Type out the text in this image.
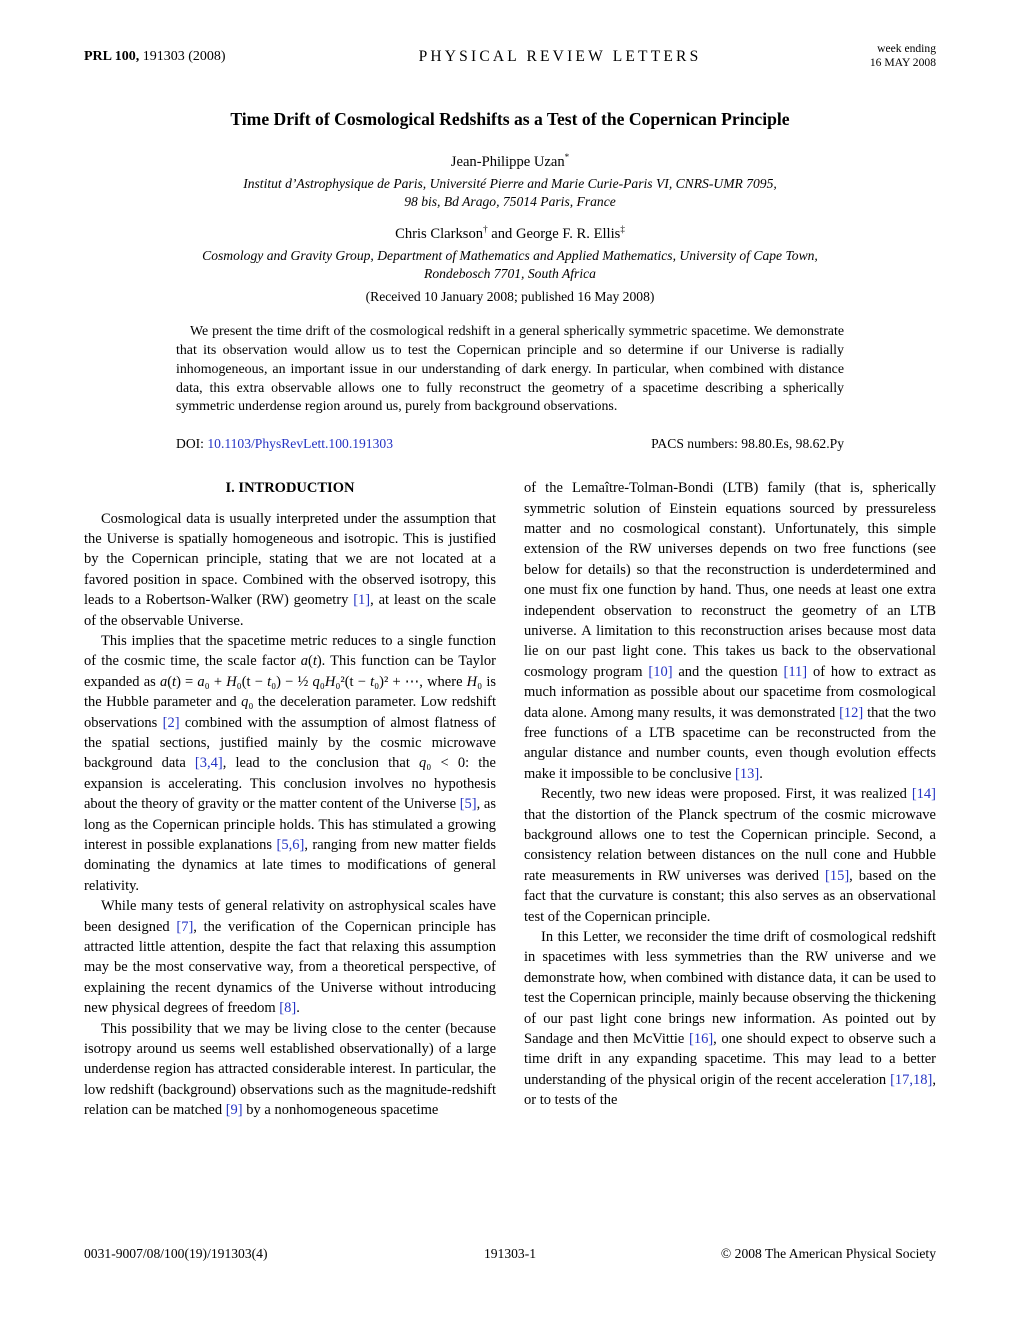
PRL 100, 191303 (2008)	PHYSICAL REVIEW LETTERS	week ending
16 MAY 2008
Time Drift of Cosmological Redshifts as a Test of the Copernican Principle
Jean-Philippe Uzan*
Institut d’Astrophysique de Paris, Université Pierre and Marie Curie-Paris VI, CNRS-UMR 7095,
98 bis, Bd Arago, 75014 Paris, France
Chris Clarkson† and George F. R. Ellis‡
Cosmology and Gravity Group, Department of Mathematics and Applied Mathematics, University of Cape Town,
Rondebosch 7701, South Africa
(Received 10 January 2008; published 16 May 2008)

We present the time drift of the cosmological redshift in a general spherically symmetric spacetime. We demonstrate that its observation would allow us to test the Copernican principle and so determine if our Universe is radially inhomogeneous, an important issue in our understanding of dark energy. In particular, when combined with distance data, this extra observable allows one to fully reconstruct the geometry of a spacetime describing a spherically symmetric underdense region around us, purely from background observations.

DOI: 10.1103/PhysRevLett.100.191303	PACS numbers: 98.80.Es, 98.62.Py
I. INTRODUCTION

Cosmological data is usually interpreted under the assumption that the Universe is spatially homogeneous and isotropic. This is justified by the Copernican principle, stating that we are not located at a favored position in space. Combined with the observed isotropy, this leads to a Robertson-Walker (RW) geometry [1], at least on the scale of the observable Universe.

This implies that the spacetime metric reduces to a single function of the cosmic time, the scale factor a(t). This function can be Taylor expanded as a(t) = a₀ + H₀(t − t₀) − ½ q₀H₀²(t − t₀)² + ⋯, where H₀ is the Hubble parameter and q₀ the deceleration parameter. Low redshift observations [2] combined with the assumption of almost flatness of the spatial sections, justified mainly by the cosmic microwave background data [3,4], lead to the conclusion that q₀ < 0: the expansion is accelerating. This conclusion involves no hypothesis about the theory of gravity or the matter content of the Universe [5], as long as the Copernican principle holds. This has stimulated a growing interest in possible explanations [5,6], ranging from new matter fields dominating the dynamics at late times to modifications of general relativity.

While many tests of general relativity on astrophysical scales have been designed [7], the verification of the Copernican principle has attracted little attention, despite the fact that relaxing this assumption may be the most conservative way, from a theoretical perspective, of explaining the recent dynamics of the Universe without introducing new physical degrees of freedom [8].

This possibility that we may be living close to the center (because isotropy around us seems well established observationally) of a large underdense region has attracted considerable interest. In particular, the low redshift (background) observations such as the magnitude-redshift relation can be matched [9] by a nonhomogeneous spacetime

of the Lemaître-Tolman-Bondi (LTB) family (that is, spherically symmetric solution of Einstein equations sourced by pressureless matter and no cosmological constant). Unfortunately, this simple extension of the RW universes depends on two free functions (see below for details) so that the reconstruction is underdetermined and one must fix one function by hand. Thus, one needs at least one extra independent observation to reconstruct the geometry of an LTB universe. A limitation to this reconstruction arises because most data lie on our past light cone. This takes us back to the observational cosmology program [10] and the question [11] of how to extract as much information as possible about our spacetime from cosmological data alone. Among many results, it was demonstrated [12] that the two free functions of a LTB spacetime can be reconstructed from the angular distance and number counts, even though evolution effects make it impossible to be conclusive [13].

Recently, two new ideas were proposed. First, it was realized [14] that the distortion of the Planck spectrum of the cosmic microwave background allows one to test the Copernican principle. Second, a consistency relation between distances on the null cone and Hubble rate measurements in RW universes was derived [15], based on the fact that the curvature is constant; this also serves as an observational test of the Copernican principle.

In this Letter, we reconsider the time drift of cosmological redshift in spacetimes with less symmetries than the RW universe and we demonstrate how, when combined with distance data, it can be used to test the Copernican principle, mainly because observing the thickening of our past light cone brings new information. As pointed out by Sandage and then McVittie [16], one should expect to observe such a time drift in any expanding spacetime. This may lead to a better understanding of the physical origin of the recent acceleration [17,18], or to tests of the

0031-9007​/08​/100(19)​/191303(4)	191303-1	© 2008 The American Physical Society
